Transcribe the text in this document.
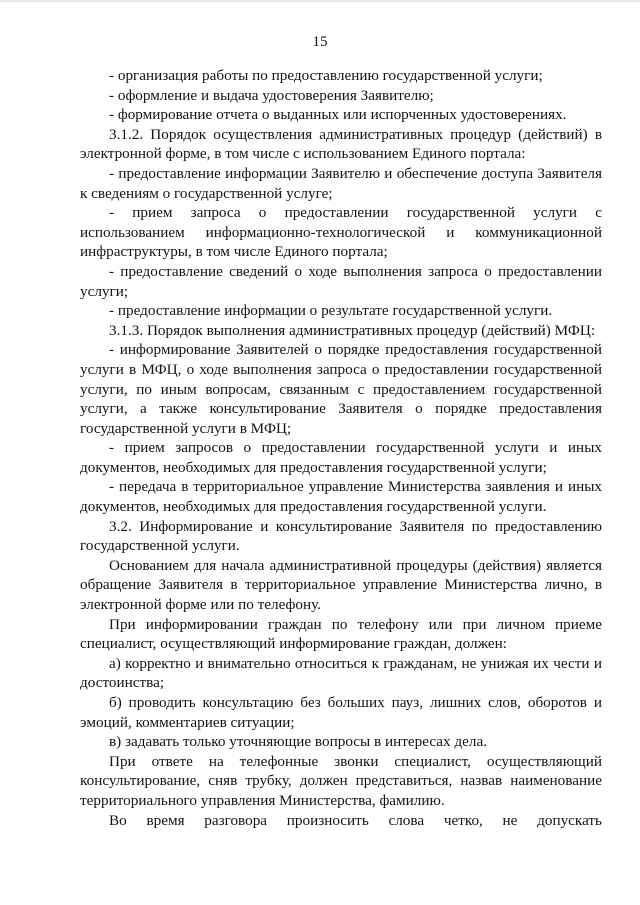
15

- организация работы по предоставлению государственной услуги;

- оформление и выдача удостоверения Заявителю;

- формирование отчета о выданных или испорченных удостоверениях.

3.1.2. Порядок осуществления административных процедур (действий) в электронной форме, в том числе с использованием Единого портала:

- предоставление информации Заявителю и обеспечение доступа Заявителя к сведениям о государственной услуге;

- прием запроса о предоставлении государственной услуги с использованием информационно-технологической и коммуникационной инфраструктуры, в том числе Единого портала;

- предоставление сведений о ходе выполнения запроса о предоставлении услуги;

- предоставление информации о результате государственной услуги.

3.1.3. Порядок выполнения административных процедур (действий) МФЦ:

- информирование Заявителей о порядке предоставления государственной услуги в МФЦ, о ходе выполнения запроса о предоставлении государственной услуги, по иным вопросам, связанным с предоставлением государственной услуги, а также консультирование Заявителя о порядке предоставления государственной услуги в МФЦ;

- прием запросов о предоставлении государственной услуги и иных документов, необходимых для предоставления государственной услуги;

- передача в территориальное управление Министерства заявления и иных документов, необходимых для предоставления государственной услуги.

3.2. Информирование и консультирование Заявителя по предоставлению государственной услуги.

Основанием для начала административной процедуры (действия) является обращение Заявителя в территориальное управление Министерства лично, в электронной форме или по телефону.

При информировании граждан по телефону или при личном приеме специалист, осуществляющий информирование граждан, должен:

а) корректно и внимательно относиться к гражданам, не унижая их чести и достоинства;

б) проводить консультацию без больших пауз, лишних слов, оборотов и эмоций, комментариев ситуации;

в) задавать только уточняющие вопросы в интересах дела.

При ответе на телефонные звонки специалист, осуществляющий консультирование, сняв трубку, должен представиться, назвав наименование территориального управления Министерства, фамилию.

Во время разговора произносить слова четко, не допускать
